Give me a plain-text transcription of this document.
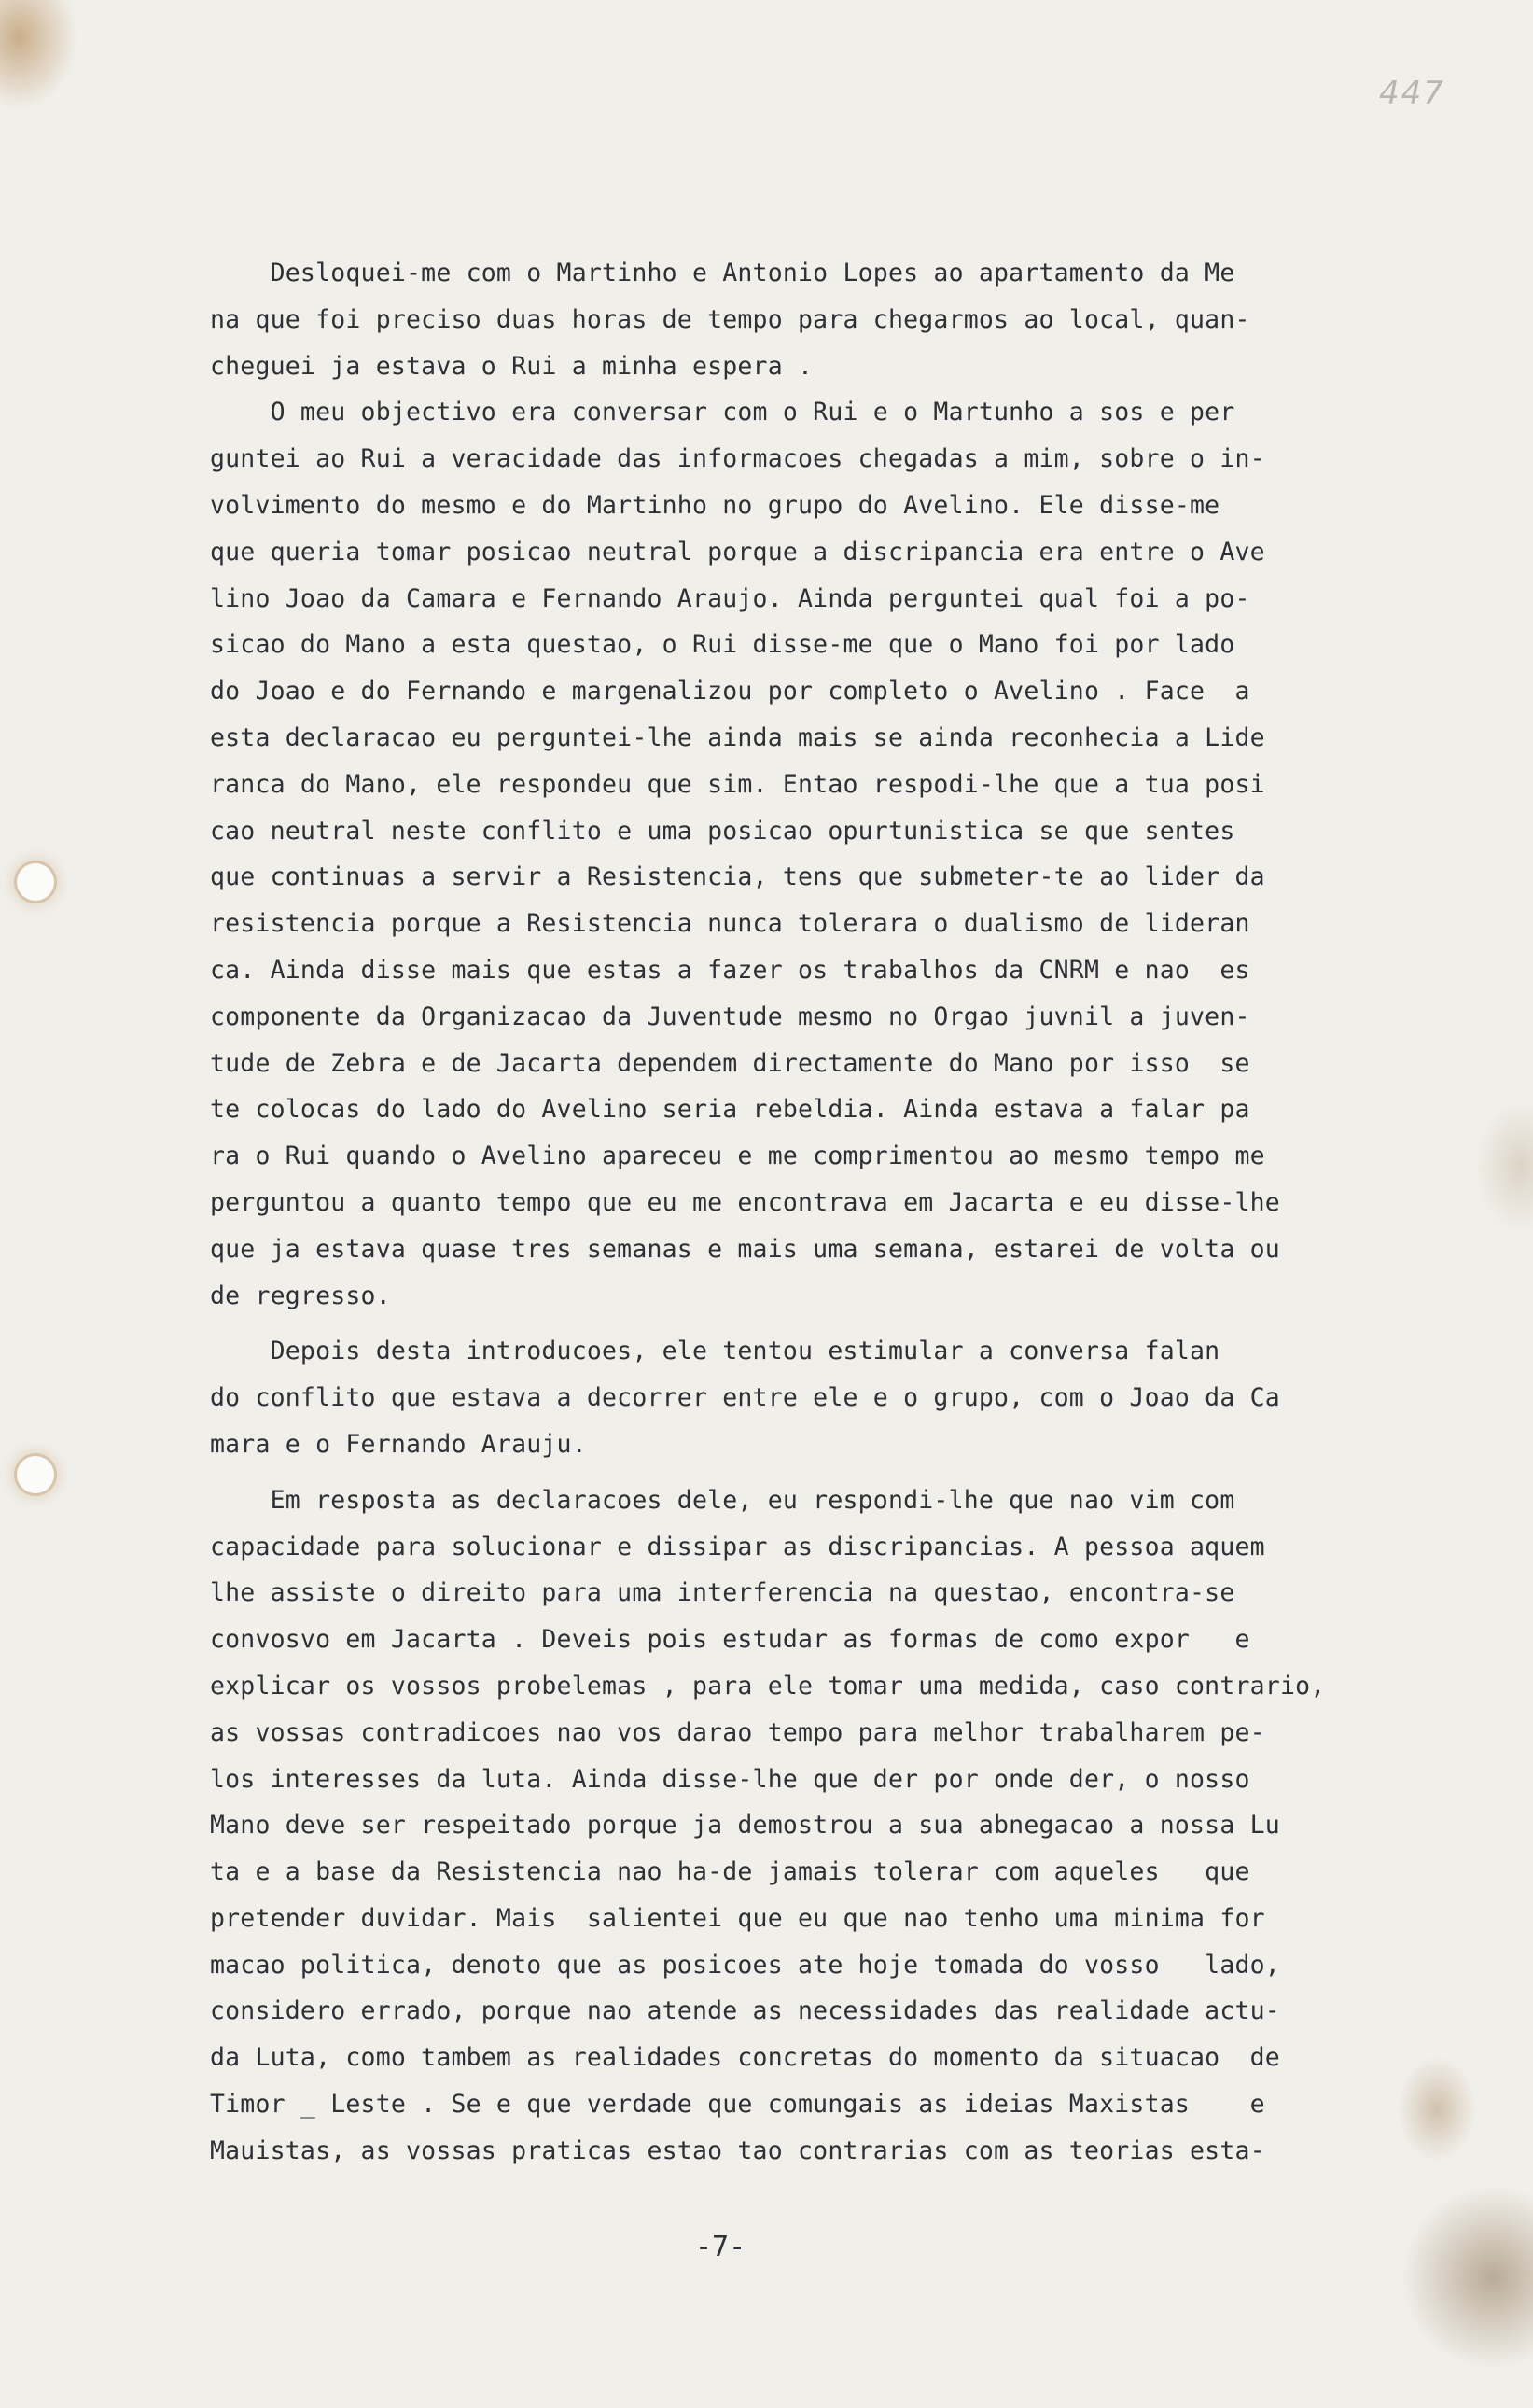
447
Desloquei-me com o Martinho e Antonio Lopes ao apartamento da Me
na que foi preciso duas horas de tempo para chegarmos ao local, quan-
cheguei ja estava o Rui a minha espera .
O meu objectivo era conversar com o Rui e o Martunho a sos e per
guntei ao Rui a veracidade das informacoes chegadas a mim, sobre o in-
volvimento do mesmo e do Martinho no grupo do Avelino. Ele disse-me
que queria tomar posicao neutral porque a discripancia era entre o Ave
lino Joao da Camara e Fernando Araujo. Ainda perguntei qual foi a po-
sicao do Mano a esta questao, o Rui disse-me que o Mano foi por lado
do Joao e do Fernando e margenalizou por completo o Avelino . Face  a
esta declaracao eu perguntei-lhe ainda mais se ainda reconhecia a Lide
ranca do Mano, ele respondeu que sim. Entao respodi-lhe que a tua posi
cao neutral neste conflito e uma posicao opurtunistica se que sentes
que continuas a servir a Resistencia, tens que submeter-te ao lider da
resistencia porque a Resistencia nunca tolerara o dualismo de lideran
ca. Ainda disse mais que estas a fazer os trabalhos da CNRM e nao  es
componente da Organizacao da Juventude mesmo no Orgao juvnil a juven-
tude de Zebra e de Jacarta dependem directamente do Mano por isso  se
te colocas do lado do Avelino seria rebeldia. Ainda estava a falar pa
ra o Rui quando o Avelino apareceu e me comprimentou ao mesmo tempo me
perguntou a quanto tempo que eu me encontrava em Jacarta e eu disse-lhe
que ja estava quase tres semanas e mais uma semana, estarei de volta ou
de regresso.
Depois desta introducoes, ele tentou estimular a conversa falan
do conflito que estava a decorrer entre ele e o grupo, com o Joao da Ca
mara e o Fernando Arauju.
Em resposta as declaracoes dele, eu respondi-lhe que nao vim com
capacidade para solucionar e dissipar as discripancias. A pessoa aquem
lhe assiste o direito para uma interferencia na questao, encontra-se
convosvo em Jacarta . Deveis pois estudar as formas de como expor   e
explicar os vossos probelemas , para ele tomar uma medida, caso contrario,
as vossas contradicoes nao vos darao tempo para melhor trabalharem pe-
los interesses da luta. Ainda disse-lhe que der por onde der, o nosso
Mano deve ser respeitado porque ja demostrou a sua abnegacao a nossa Lu
ta e a base da Resistencia nao ha-de jamais tolerar com aqueles   que
pretender duvidar. Mais  salientei que eu que nao tenho uma minima for
macao politica, denoto que as posicoes ate hoje tomada do vosso   lado,
considero errado, porque nao atende as necessidades das realidade actu-
da Luta, como tambem as realidades concretas do momento da situacao  de
Timor _ Leste . Se e que verdade que comungais as ideias Maxistas    e
Mauistas, as vossas praticas estao tao contrarias com as teorias esta-
-7-
